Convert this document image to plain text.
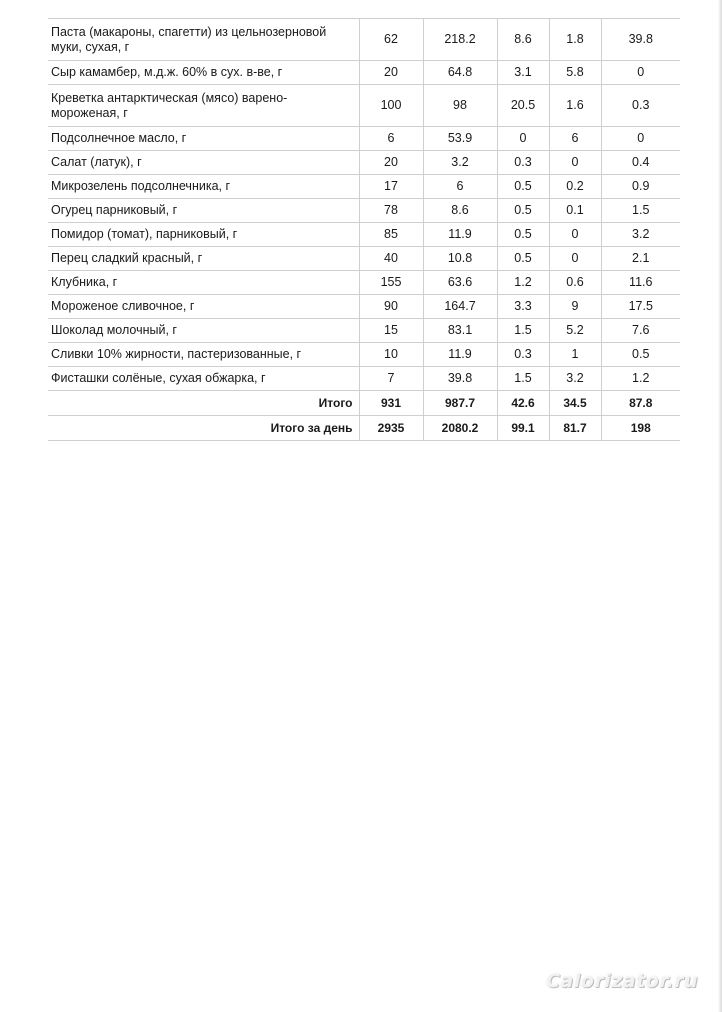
Паста (макароны, спагетти) из цельнозерновой муки, сухая, г	62	218.2	8.6	1.8	39.8
Сыр камамбер, м.д.ж. 60% в сух. в-ве, г	20	64.8	3.1	5.8	0
Креветка антарктическая (мясо) варено-мороженая, г	100	98	20.5	1.6	0.3
Подсолнечное масло, г	6	53.9	0	6	0
Салат (латук), г	20	3.2	0.3	0	0.4
Микрозелень подсолнечника, г	17	6	0.5	0.2	0.9
Огурец парниковый, г	78	8.6	0.5	0.1	1.5
Помидор (томат), парниковый, г	85	11.9	0.5	0	3.2
Перец сладкий красный, г	40	10.8	0.5	0	2.1
Клубника, г	155	63.6	1.2	0.6	11.6
Мороженое сливочное, г	90	164.7	3.3	9	17.5
Шоколад молочный, г	15	83.1	1.5	5.2	7.6
Сливки 10% жирности, пастеризованные, г	10	11.9	0.3	1	0.5
Фисташки солёные, сухая обжарка, г	7	39.8	1.5	3.2	1.2
Итого	931	987.7	42.6	34.5	87.8
Итого за день	2935	2080.2	99.1	81.7	198
Calorizator.ru
